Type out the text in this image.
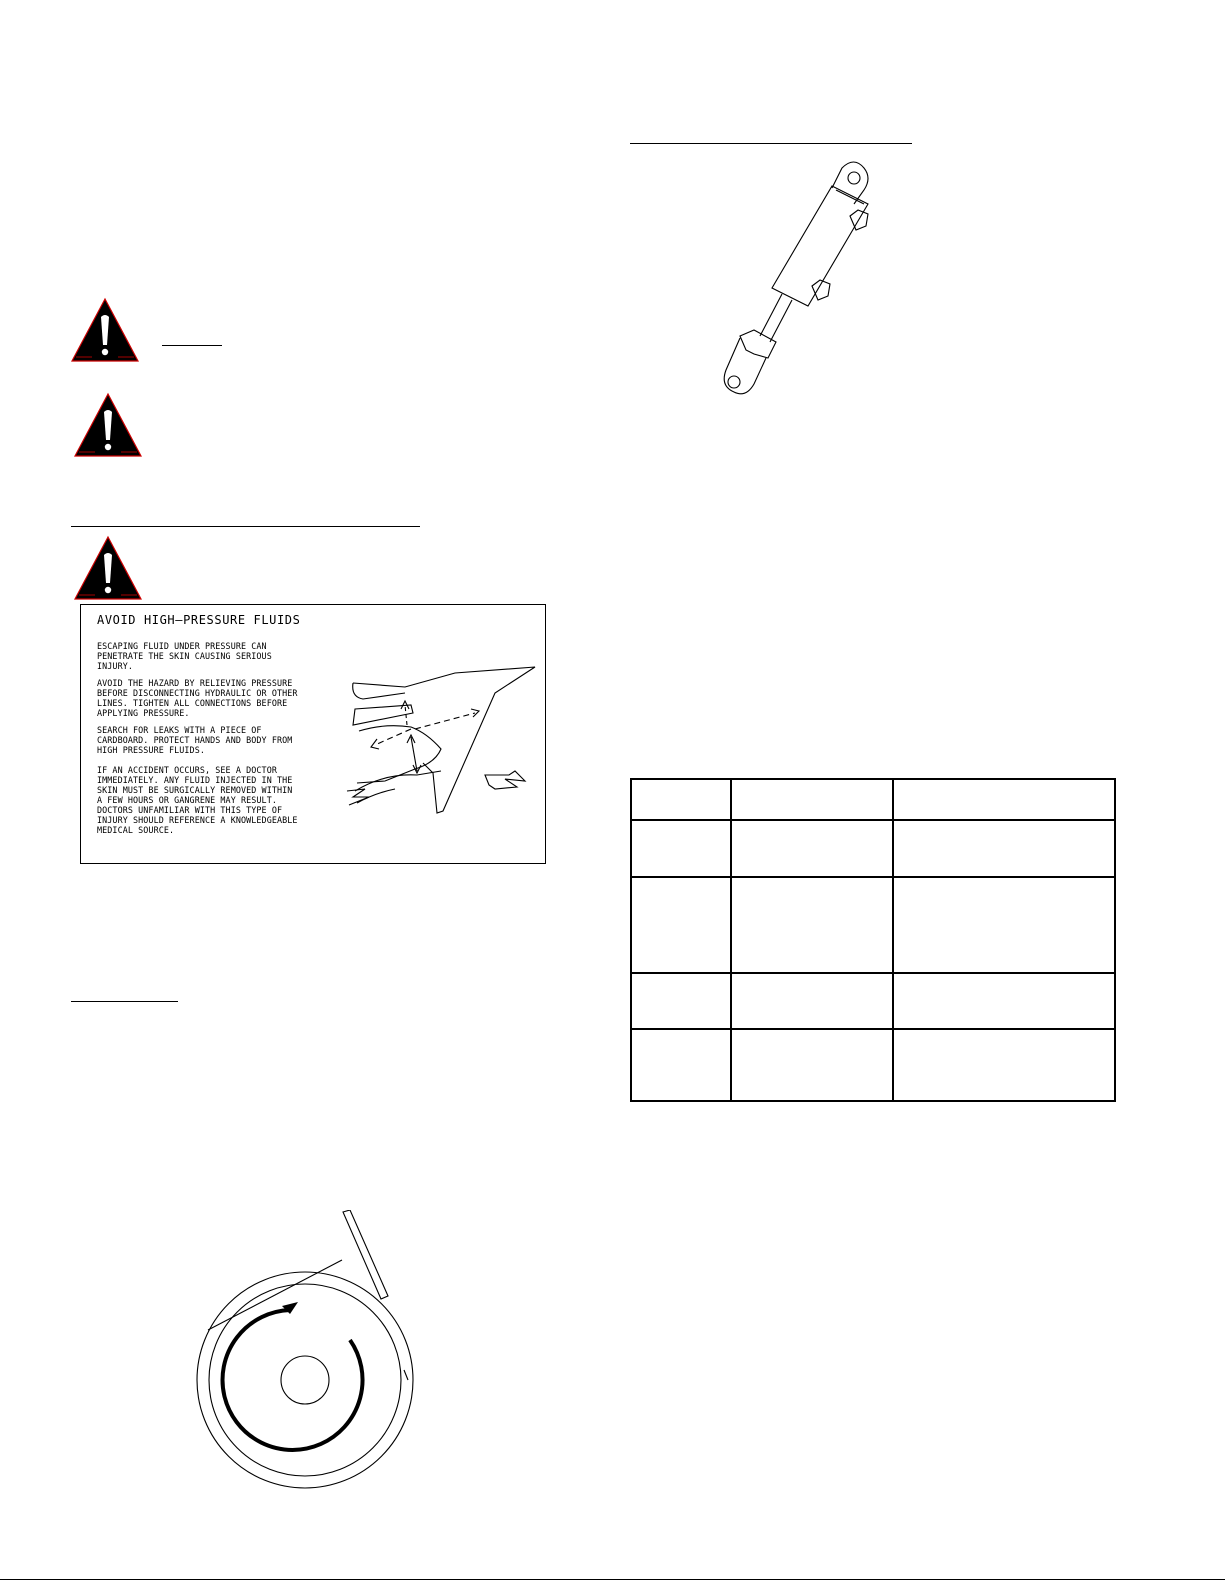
AVOID HIGH–PRESSURE FLUIDS
ESCAPING FLUID UNDER PRESSURE CAN
PENETRATE THE SKIN CAUSING SERIOUS
INJURY.
AVOID THE HAZARD BY RELIEVING PRESSURE
BEFORE DISCONNECTING HYDRAULIC OR OTHER
LINES. TIGHTEN ALL CONNECTIONS BEFORE
APPLYING PRESSURE.
SEARCH FOR LEAKS WITH A PIECE OF
CARDBOARD. PROTECT HANDS AND BODY FROM
HIGH PRESSURE FLUIDS.
IF AN ACCIDENT OCCURS, SEE A DOCTOR
IMMEDIATELY. ANY FLUID INJECTED IN THE
SKIN MUST BE SURGICALLY REMOVED WITHIN
A FEW HOURS OR GANGRENE MAY RESULT.
DOCTORS UNFAMILIAR WITH THIS TYPE OF
INJURY SHOULD REFERENCE A KNOWLEDGEABLE
MEDICAL SOURCE.
